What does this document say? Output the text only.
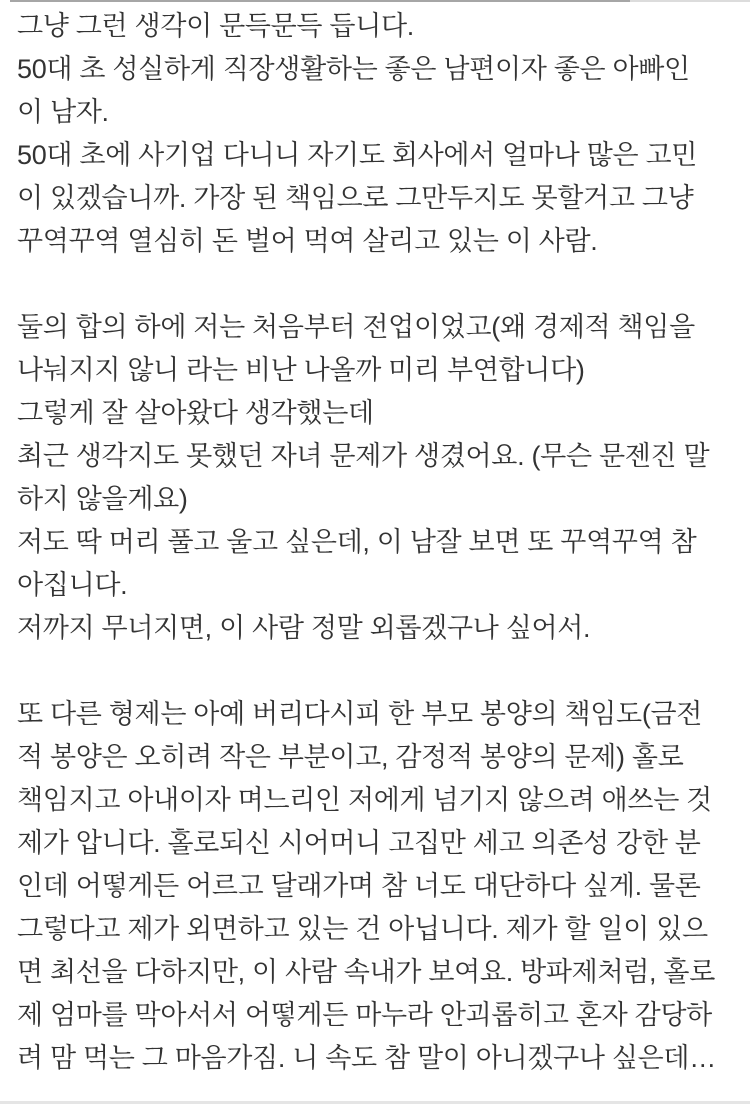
그냥 그런 생각이 문득문득 듭니다.
50대 초 성실하게 직장생활하는 좋은 남편이자 좋은 아빠인
이 남자.
50대 초에 사기업 다니니 자기도 회사에서 얼마나 많은 고민
이 있겠습니까. 가장 된 책임으로 그만두지도 못할거고 그냥
꾸역꾸역 열심히 돈 벌어 먹여 살리고 있는 이 사람.
둘의 합의 하에 저는 처음부터 전업이었고(왜 경제적 책임을
나눠지지 않니 라는 비난 나올까 미리 부연합니다)
그렇게 잘 살아왔다 생각했는데
최근 생각지도 못했던 자녀 문제가 생겼어요. (무슨 문젠진 말
하지 않을게요)
저도 딱 머리 풀고 울고 싶은데, 이 남잘 보면 또 꾸역꾸역 참
아집니다.
저까지 무너지면, 이 사람 정말 외롭겠구나 싶어서.
또 다른 형제는 아예 버리다시피 한 부모 봉양의 책임도(금전
적 봉양은 오히려 작은 부분이고, 감정적 봉양의 문제) 홀로
책임지고 아내이자 며느리인 저에게 넘기지 않으려 애쓰는 것
제가 압니다. 홀로되신 시어머니 고집만 세고 의존성 강한 분
인데 어떻게든 어르고 달래가며 참 너도 대단하다 싶게. 물론
그렇다고 제가 외면하고 있는 건 아닙니다. 제가 할 일이 있으
면 최선을 다하지만, 이 사람 속내가 보여요. 방파제처럼, 홀로
제 엄마를 막아서서 어떻게든 마누라 안괴롭히고 혼자 감당하
려 맘 먹는 그 마음가짐. 니 속도 참 말이 아니겠구나 싶은데…
